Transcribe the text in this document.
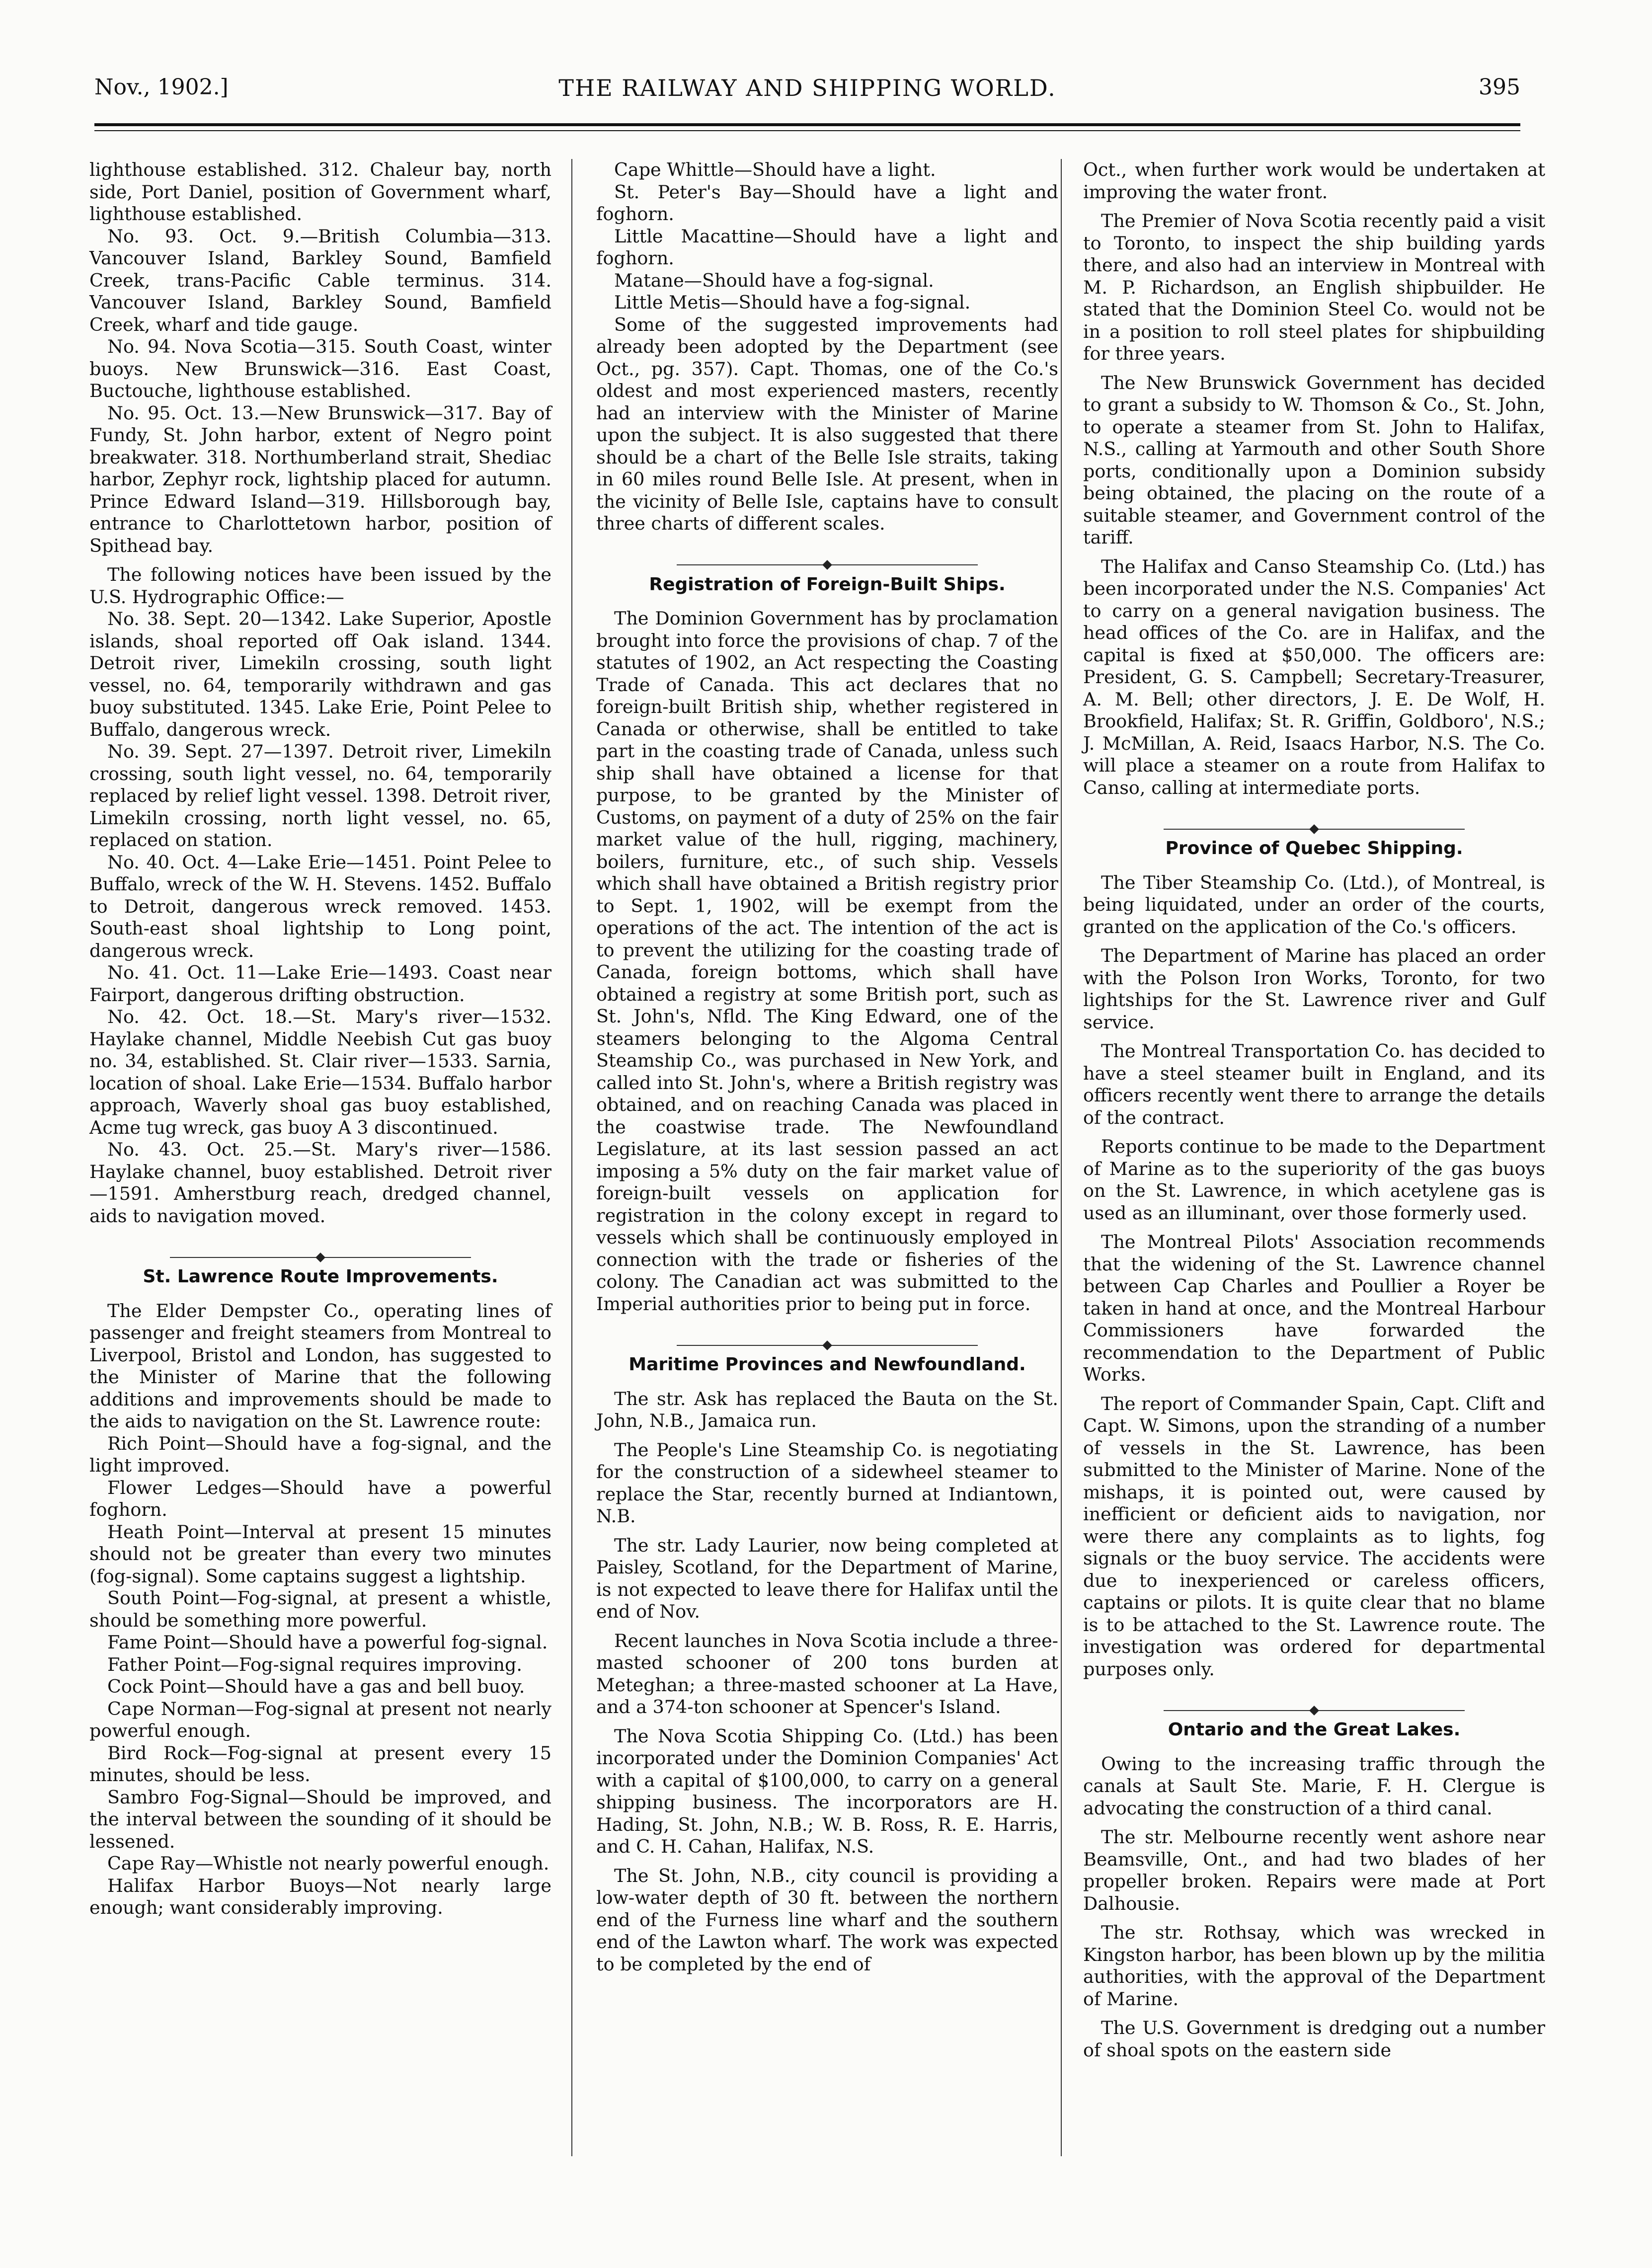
Nov., 1902.]	THE RAILWAY AND SHIPPING WORLD.	395

lighthouse established. 312. Chaleur bay, north side, Port Daniel, position of Government wharf, lighthouse established.

No. 93. Oct. 9.—British Columbia—313. Vancouver Island, Barkley Sound, Bamfield Creek, trans-Pacific Cable terminus. 314. Vancouver Island, Barkley Sound, Bamfield Creek, wharf and tide gauge.

No. 94. Nova Scotia—315. South Coast, winter buoys. New Brunswick—316. East Coast, Buctouche, lighthouse established.

No. 95. Oct. 13.—New Brunswick—317. Bay of Fundy, St. John harbor, extent of Negro point breakwater. 318. Northumberland strait, Shediac harbor, Zephyr rock, lightship placed for autumn. Prince Edward Island—319. Hillsborough bay, entrance to Charlottetown harbor, position of Spithead bay.

The following notices have been issued by the U.S. Hydrographic Office:—

No. 38. Sept. 20—1342. Lake Superior, Apostle islands, shoal reported off Oak island. 1344. Detroit river, Limekiln crossing, south light vessel, no. 64, temporarily withdrawn and gas buoy substituted. 1345. Lake Erie, Point Pelee to Buffalo, dangerous wreck.

No. 39. Sept. 27—1397. Detroit river, Limekiln crossing, south light vessel, no. 64, temporarily replaced by relief light vessel. 1398. Detroit river, Limekiln crossing, north light vessel, no. 65, replaced on station.

No. 40. Oct. 4—Lake Erie—1451. Point Pelee to Buffalo, wreck of the W. H. Stevens. 1452. Buffalo to Detroit, dangerous wreck removed. 1453. South-east shoal lightship to Long point, dangerous wreck.

No. 41. Oct. 11—Lake Erie—1493. Coast near Fairport, dangerous drifting obstruction.

No. 42. Oct. 18.—St. Mary's river—1532. Haylake channel, Middle Neebish Cut gas buoy no. 34, established. St. Clair river—1533. Sarnia, location of shoal. Lake Erie—1534. Buffalo harbor approach, Waverly shoal gas buoy established, Acme tug wreck, gas buoy A 3 discontinued.

No. 43. Oct. 25.—St. Mary's river—1586. Haylake channel, buoy established. Detroit river—1591. Amherstburg reach, dredged channel, aids to navigation moved.

St. Lawrence Route Improvements.

The Elder Dempster Co., operating lines of passenger and freight steamers from Montreal to Liverpool, Bristol and London, has suggested to the Minister of Marine that the following additions and improvements should be made to the aids to navigation on the St. Lawrence route:

Rich Point—Should have a fog-signal, and the light improved.

Flower Ledges—Should have a powerful foghorn.

Heath Point—Interval at present 15 minutes should not be greater than every two minutes (fog-signal). Some captains suggest a lightship.

South Point—Fog-signal, at present a whistle, should be something more powerful.

Fame Point—Should have a powerful fog-signal.

Father Point—Fog-signal requires improving.

Cock Point—Should have a gas and bell buoy.

Cape Norman—Fog-signal at present not nearly powerful enough.

Bird Rock—Fog-signal at present every 15 minutes, should be less.

Sambro Fog-Signal—Should be improved, and the interval between the sounding of it should be lessened.

Cape Ray—Whistle not nearly powerful enough.

Halifax Harbor Buoys—Not nearly large enough; want considerably improving.

Cape Whittle—Should have a light.

St. Peter's Bay—Should have a light and foghorn.

Little Macattine—Should have a light and foghorn.

Matane—Should have a fog-signal.

Little Metis—Should have a fog-signal.

Some of the suggested improvements had already been adopted by the Department (see Oct., pg. 357). Capt. Thomas, one of the Co.'s oldest and most experienced masters, recently had an interview with the Minister of Marine upon the subject. It is also suggested that there should be a chart of the Belle Isle straits, taking in 60 miles round Belle Isle. At present, when in the vicinity of Belle Isle, captains have to consult three charts of different scales.

Registration of Foreign-Built Ships.

The Dominion Government has by proclamation brought into force the provisions of chap. 7 of the statutes of 1902, an Act respecting the Coasting Trade of Canada. This act declares that no foreign-built British ship, whether registered in Canada or otherwise, shall be entitled to take part in the coasting trade of Canada, unless such ship shall have obtained a license for that purpose, to be granted by the Minister of Customs, on payment of a duty of 25% on the fair market value of the hull, rigging, machinery, boilers, furniture, etc., of such ship. Vessels which shall have obtained a British registry prior to Sept. 1, 1902, will be exempt from the operations of the act. The intention of the act is to prevent the utilizing for the coasting trade of Canada, foreign bottoms, which shall have obtained a registry at some British port, such as St. John's, Nfld. The King Edward, one of the steamers belonging to the Algoma Central Steamship Co., was purchased in New York, and called into St. John's, where a British registry was obtained, and on reaching Canada was placed in the coastwise trade. The Newfoundland Legislature, at its last session passed an act imposing a 5% duty on the fair market value of foreign-built vessels on application for registration in the colony except in regard to vessels which shall be continuously employed in connection with the trade or fisheries of the colony. The Canadian act was submitted to the Imperial authorities prior to being put in force.

Maritime Provinces and Newfoundland.

The str. Ask has replaced the Bauta on the St. John, N.B., Jamaica run.

The People's Line Steamship Co. is negotiating for the construction of a sidewheel steamer to replace the Star, recently burned at Indiantown, N.B.

The str. Lady Laurier, now being completed at Paisley, Scotland, for the Department of Marine, is not expected to leave there for Halifax until the end of Nov.

Recent launches in Nova Scotia include a three-masted schooner of 200 tons burden at Meteghan; a three-masted schooner at La Have, and a 374-ton schooner at Spencer's Island.

The Nova Scotia Shipping Co. (Ltd.) has been incorporated under the Dominion Companies' Act with a capital of $100,000, to carry on a general shipping business. The incorporators are H. Hading, St. John, N.B.; W. B. Ross, R. E. Harris, and C. H. Cahan, Halifax, N.S.

The St. John, N.B., city council is providing a low-water depth of 30 ft. between the northern end of the Furness line wharf and the southern end of the Lawton wharf. The work was expected to be completed by the end of

Oct., when further work would be undertaken at improving the water front.

The Premier of Nova Scotia recently paid a visit to Toronto, to inspect the ship building yards there, and also had an interview in Montreal with M. P. Richardson, an English shipbuilder. He stated that the Dominion Steel Co. would not be in a position to roll steel plates for shipbuilding for three years.

The New Brunswick Government has decided to grant a subsidy to W. Thomson & Co., St. John, to operate a steamer from St. John to Halifax, N.S., calling at Yarmouth and other South Shore ports, conditionally upon a Dominion subsidy being obtained, the placing on the route of a suitable steamer, and Government control of the tariff.

The Halifax and Canso Steamship Co. (Ltd.) has been incorporated under the N.S. Companies' Act to carry on a general navigation business. The head offices of the Co. are in Halifax, and the capital is fixed at $50,000. The officers are: President, G. S. Campbell; Secretary-Treasurer, A. M. Bell; other directors, J. E. De Wolf, H. Brookfield, Halifax; St. R. Griffin, Goldboro', N.S.; J. McMillan, A. Reid, Isaacs Harbor, N.S. The Co. will place a steamer on a route from Halifax to Canso, calling at intermediate ports.

Province of Quebec Shipping.

The Tiber Steamship Co. (Ltd.), of Montreal, is being liquidated, under an order of the courts, granted on the application of the Co.'s officers.

The Department of Marine has placed an order with the Polson Iron Works, Toronto, for two lightships for the St. Lawrence river and Gulf service.

The Montreal Transportation Co. has decided to have a steel steamer built in England, and its officers recently went there to arrange the details of the contract.

Reports continue to be made to the Department of Marine as to the superiority of the gas buoys on the St. Lawrence, in which acetylene gas is used as an illuminant, over those formerly used.

The Montreal Pilots' Association recommends that the widening of the St. Lawrence channel between Cap Charles and Poullier a Royer be taken in hand at once, and the Montreal Harbour Commissioners have forwarded the recommendation to the Department of Public Works.

The report of Commander Spain, Capt. Clift and Capt. W. Simons, upon the stranding of a number of vessels in the St. Lawrence, has been submitted to the Minister of Marine. None of the mishaps, it is pointed out, were caused by inefficient or deficient aids to navigation, nor were there any complaints as to lights, fog signals or the buoy service. The accidents were due to inexperienced or careless officers, captains or pilots. It is quite clear that no blame is to be attached to the St. Lawrence route. The investigation was ordered for departmental purposes only.

Ontario and the Great Lakes.

Owing to the increasing traffic through the canals at Sault Ste. Marie, F. H. Clergue is advocating the construction of a third canal.

The str. Melbourne recently went ashore near Beamsville, Ont., and had two blades of her propeller broken. Repairs were made at Port Dalhousie.

The str. Rothsay, which was wrecked in Kingston harbor, has been blown up by the militia authorities, with the approval of the Department of Marine.

The U.S. Government is dredging out a number of shoal spots on the eastern side
